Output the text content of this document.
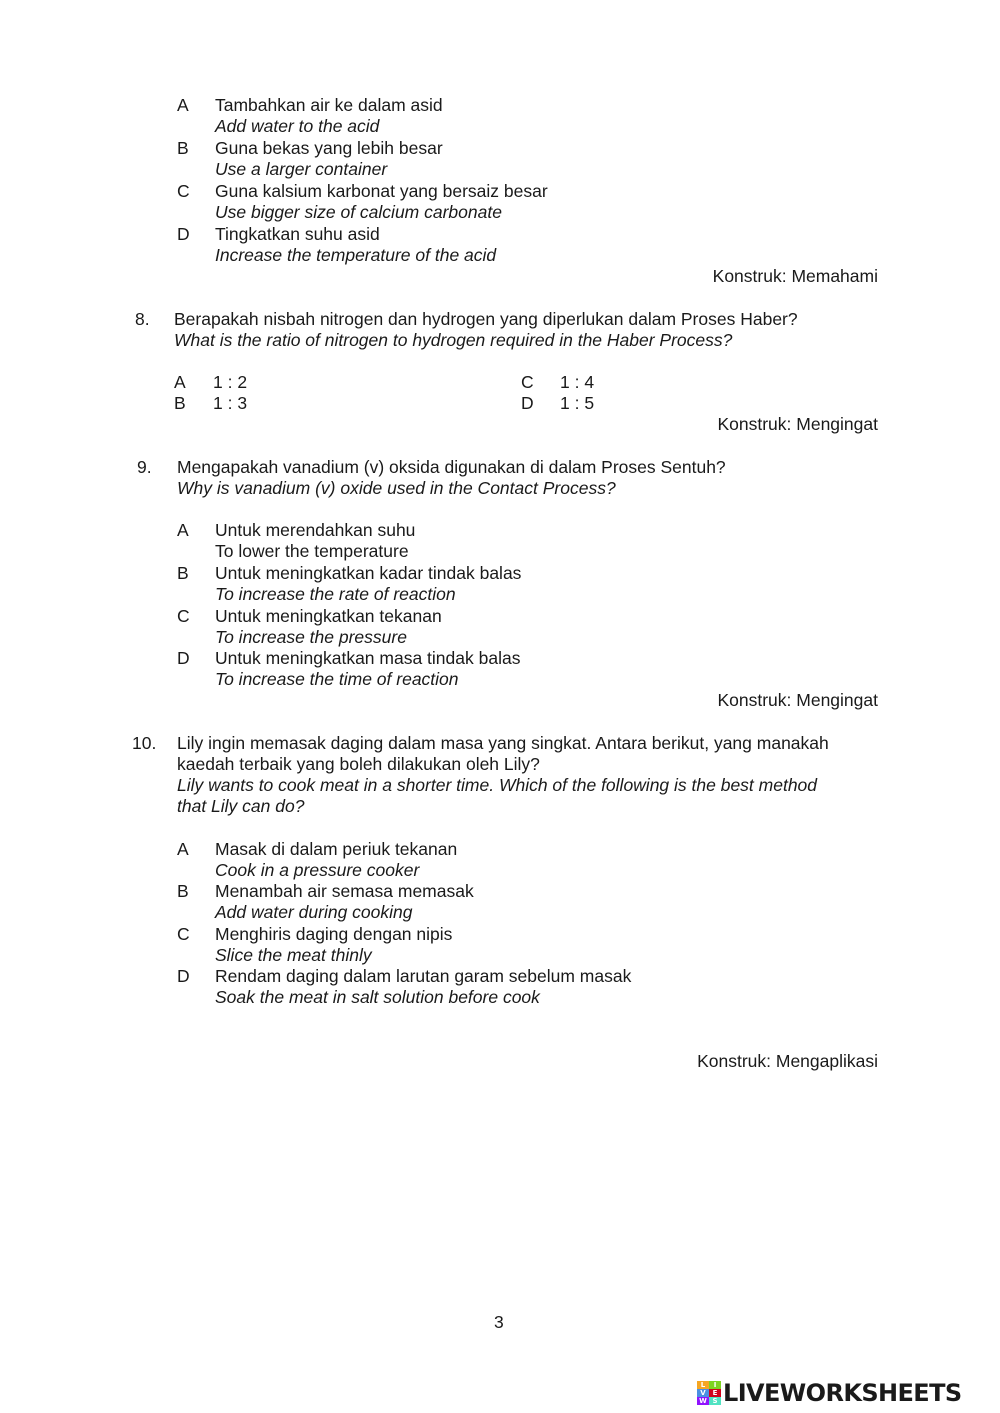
A Tambahkan air ke dalam asid
Add water to the acid
B Guna bekas yang lebih besar
Use a larger container
C Guna kalsium karbonat yang bersaiz besar
Use bigger size of calcium carbonate
D Tingkatkan suhu asid
Increase the temperature of the acid
Konstruk: Memahami
8. Berapakah nisbah nitrogen dan hydrogen yang diperlukan dalam Proses Haber?
What is the ratio of nitrogen to hydrogen required in the Haber Process?
A 1 : 2
B 1 : 3
C 1 : 4
D 1 : 5
Konstruk: Mengingat
9. Mengapakah vanadium (v) oksida digunakan di dalam Proses Sentuh?
Why is vanadium (v) oxide used in the Contact Process?
A Untuk merendahkan suhu
To lower the temperature
B Untuk meningkatkan kadar tindak balas
To increase the rate of reaction
C Untuk meningkatkan tekanan
To increase the pressure
D Untuk meningkatkan masa tindak balas
To increase the time of reaction
Konstruk: Mengingat
10. Lily ingin memasak daging dalam masa yang singkat. Antara berikut, yang manakah
kaedah terbaik yang boleh dilakukan oleh Lily?
Lily wants to cook meat in a shorter time. Which of the following is the best method
that Lily can do?
A Masak di dalam periuk tekanan
Cook in a pressure cooker
B Menambah air semasa memasak
Add water during cooking
C Menghiris daging dengan nipis
Slice the meat thinly
D Rendam daging dalam larutan garam sebelum masak
Soak the meat in salt solution before cook
Konstruk: Mengaplikasi
3
L	I
V E
W S LIVEWORKSHEETS
